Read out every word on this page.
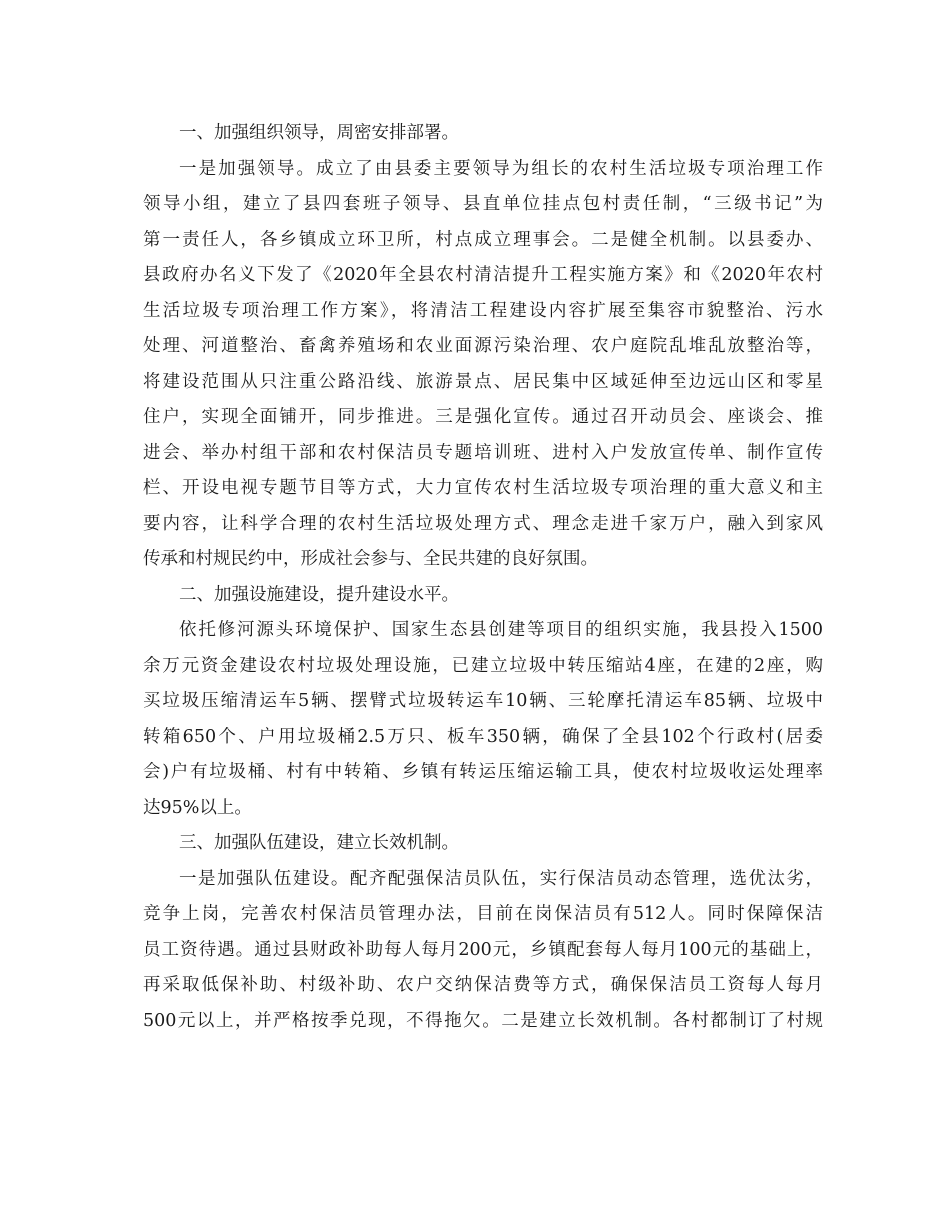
一、加强组织领导，周密安排部署。
一是加强领导。成立了由县委主要领导为组长的农村生活垃圾专项治理工作
领导小组，建立了县四套班子领导、县直单位挂点包村责任制，“三级书记”为
第一责任人，各乡镇成立环卫所，村点成立理事会。二是健全机制。以县委办、
县政府办名义下发了《2020年全县农村清洁提升工程实施方案》和《2020年农村
生活垃圾专项治理工作方案》，将清洁工程建设内容扩展至集容市貌整治、污水
处理、河道整治、畜禽养殖场和农业面源污染治理、农户庭院乱堆乱放整治等，
将建设范围从只注重公路沿线、旅游景点、居民集中区域延伸至边远山区和零星
住户，实现全面铺开，同步推进。三是强化宣传。通过召开动员会、座谈会、推
进会、举办村组干部和农村保洁员专题培训班、进村入户发放宣传单、制作宣传
栏、开设电视专题节目等方式，大力宣传农村生活垃圾专项治理的重大意义和主
要内容，让科学合理的农村生活垃圾处理方式、理念走进千家万户，融入到家风
传承和村规民约中，形成社会参与、全民共建的良好氛围。
二、加强设施建设，提升建设水平。
依托修河源头环境保护、国家生态县创建等项目的组织实施，我县投入1500
余万元资金建设农村垃圾处理设施，已建立垃圾中转压缩站4座，在建的2座，购
买垃圾压缩清运车5辆、摆臂式垃圾转运车10辆、三轮摩托清运车85辆、垃圾中
转箱650个、户用垃圾桶2.5万只、板车350辆，确保了全县102个行政村(居委
会)户有垃圾桶、村有中转箱、乡镇有转运压缩运输工具，使农村垃圾收运处理率
达95%以上。
三、加强队伍建设，建立长效机制。
一是加强队伍建设。配齐配强保洁员队伍，实行保洁员动态管理，选优汰劣，
竞争上岗，完善农村保洁员管理办法，目前在岗保洁员有512人。同时保障保洁
员工资待遇。通过县财政补助每人每月200元，乡镇配套每人每月100元的基础上，
再采取低保补助、村级补助、农户交纳保洁费等方式，确保保洁员工资每人每月
500元以上，并严格按季兑现，不得拖欠。二是建立长效机制。各村都制订了村规
